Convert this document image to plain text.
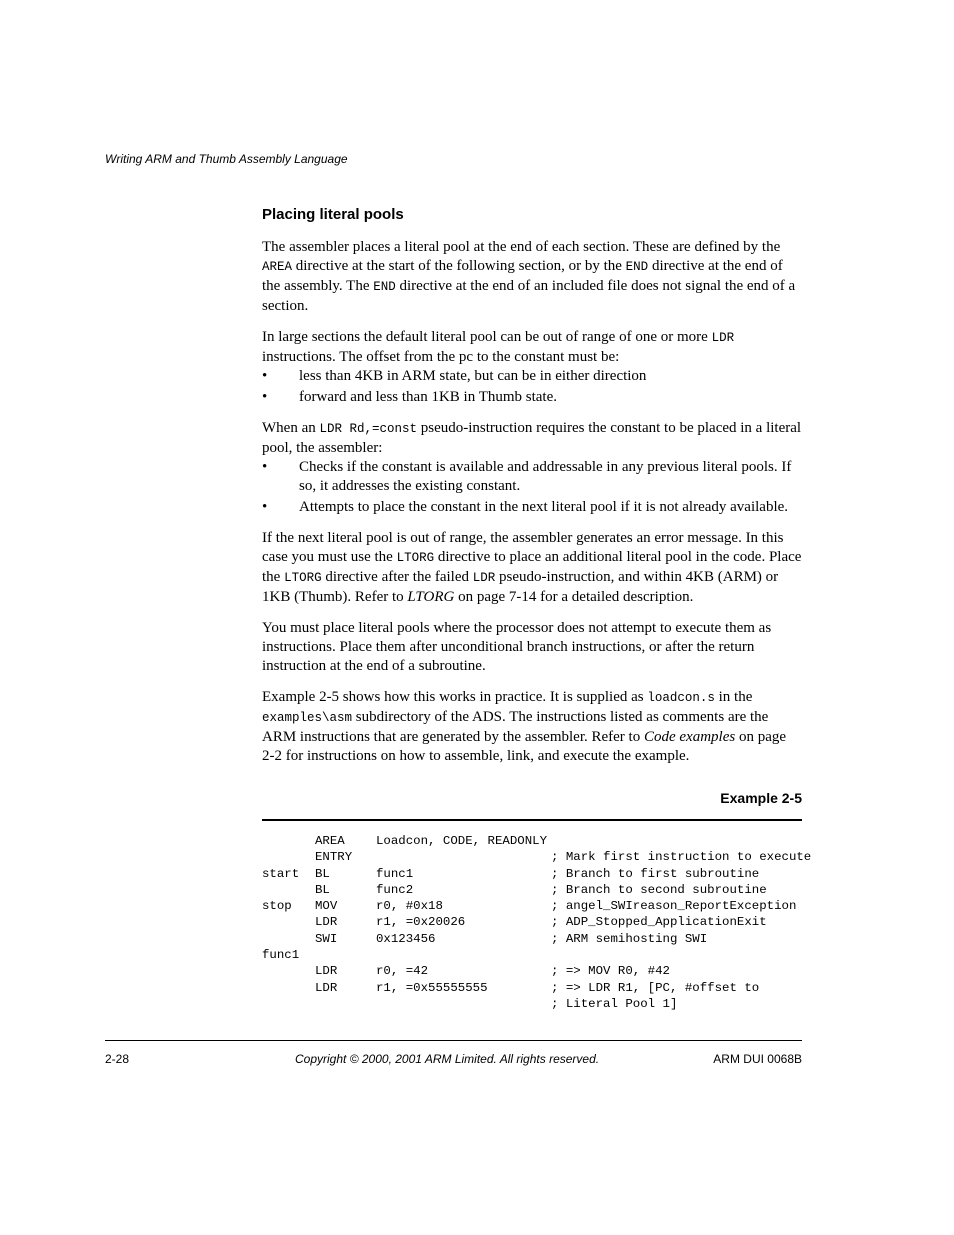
Writing ARM and Thumb Assembly Language
Placing literal pools

The assembler places a literal pool at the end of each section. These are defined by the AREA directive at the start of the following section, or by the END directive at the end of the assembly. The END directive at the end of an included file does not signal the end of a section.

In large sections the default literal pool can be out of range of one or more LDR instructions. The offset from the pc to the constant must be:

• less than 4KB in ARM state, but can be in either direction
• forward and less than 1KB in Thumb state.

When an LDR Rd,=const pseudo-instruction requires the constant to be placed in a literal pool, the assembler:

• Checks if the constant is available and addressable in any previous literal pools. If so, it addresses the existing constant.
• Attempts to place the constant in the next literal pool if it is not already available.

If the next literal pool is out of range, the assembler generates an error message. In this case you must use the LTORG directive to place an additional literal pool in the code. Place the LTORG directive after the failed LDR pseudo-instruction, and within 4KB (ARM) or 1KB (Thumb). Refer to LTORG on page 7-14 for a detailed description.

You must place literal pools where the processor does not attempt to execute them as instructions. Place them after unconditional branch instructions, or after the return instruction at the end of a subroutine.

Example 2-5 shows how this works in practice. It is supplied as loadcon.s in the examples\asm subdirectory of the ADS. The instructions listed as comments are the ARM instructions that are generated by the assembler. Refer to Code examples on page 2-2 for instructions on how to assemble, link, and execute the example.

Example 2-5
AREA	Loadcon, CODE, READONLY
ENTRY	; Mark first instruction to execute
start BL	func1	; Branch to first subroutine
BL	func2	; Branch to second subroutine
stop MOV	r0, #0x18	; angel_SWIreason_ReportException
LDR	r1, =0x20026	; ADP_Stopped_ApplicationExit
SWI	0x123456	; ARM semihosting SWI
func1
LDR	r0, =42	; => MOV R0, #42
LDR	r1, =0x55555555	; => LDR R1, [PC, #offset to
; Literal Pool 1]
2-28	Copyright © 2000, 2001 ARM Limited. All rights reserved.	ARM DUI 0068B
